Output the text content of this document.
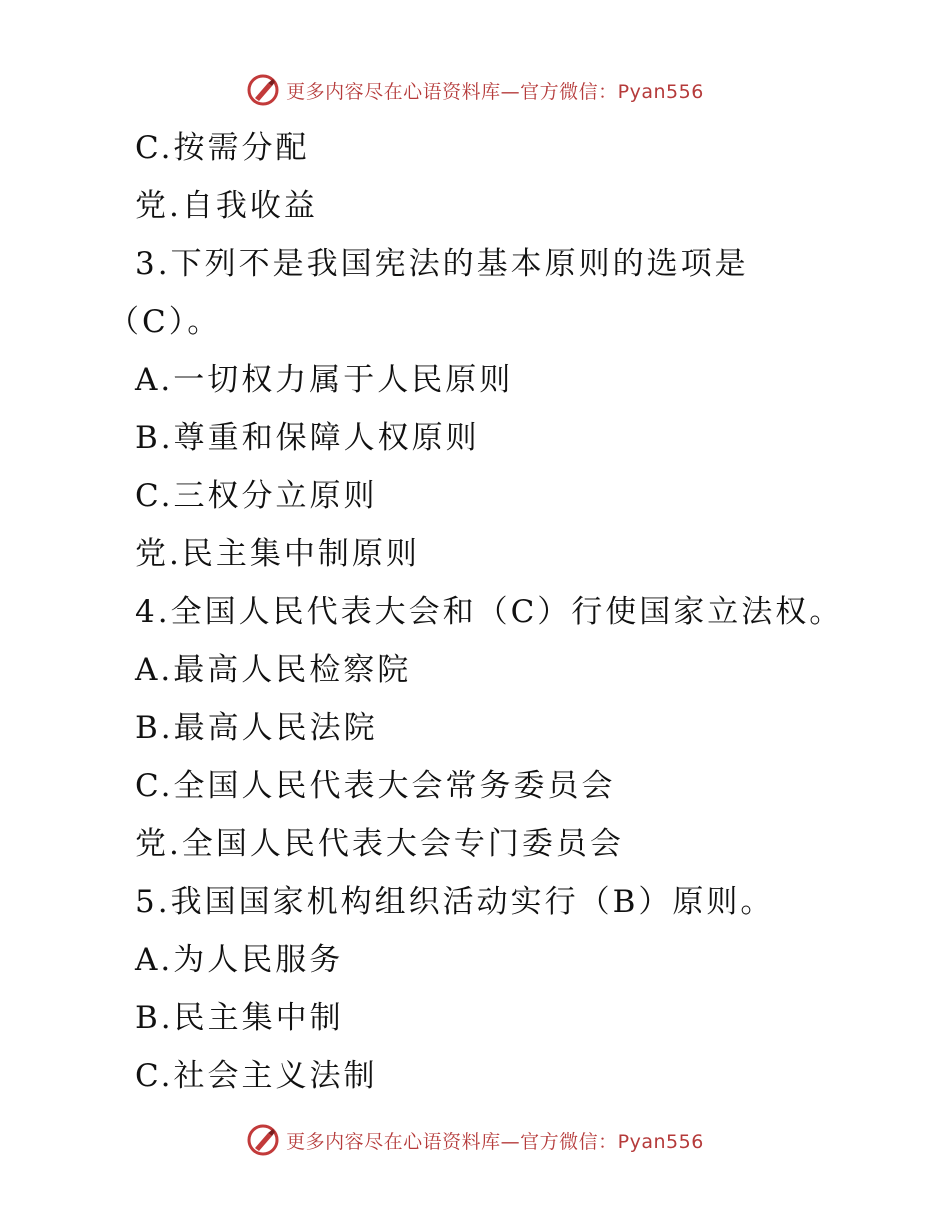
更多内容尽在心语资料库—官方微信：Pyan556
C.按需分配
党.自我收益
3.下列不是我国宪法的基本原则的选项是
（C）。
A.一切权力属于人民原则
B.尊重和保障人权原则
C.三权分立原则
党.民主集中制原则
4.全国人民代表大会和（C）行使国家立法权。
A.最高人民检察院
B.最高人民法院
C.全国人民代表大会常务委员会
党.全国人民代表大会专门委员会
5.我国国家机构组织活动实行（B）原则。
A.为人民服务
B.民主集中制
C.社会主义法制
更多内容尽在心语资料库—官方微信：Pyan556
